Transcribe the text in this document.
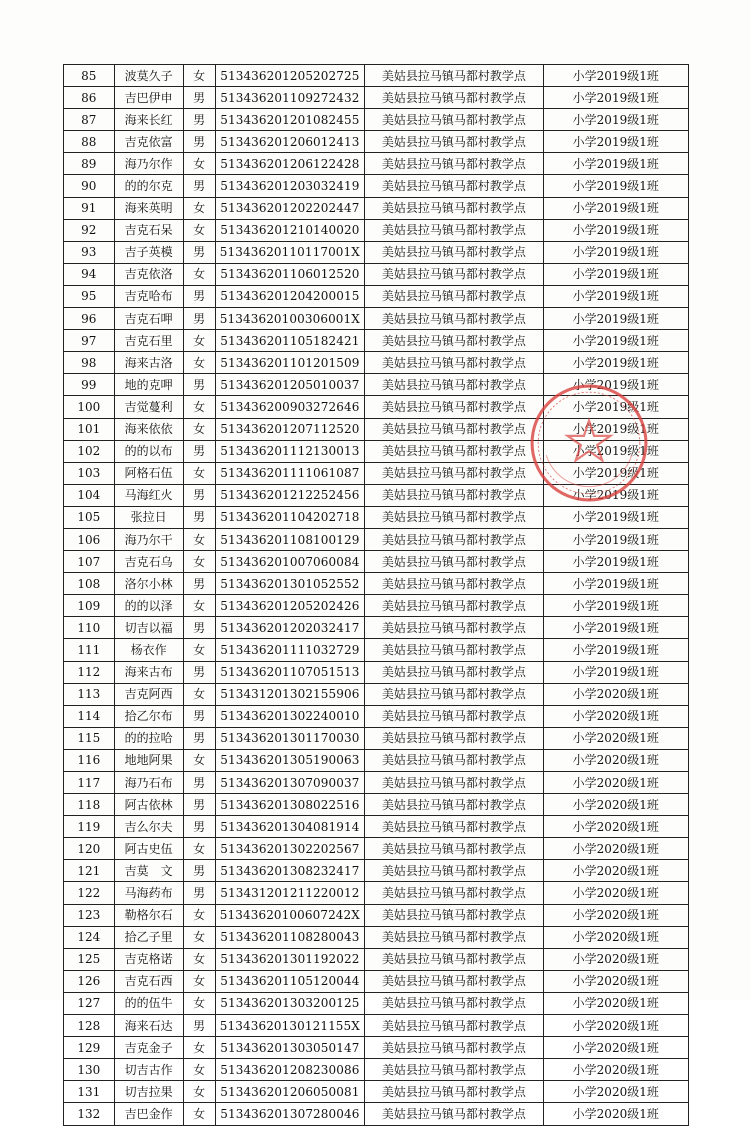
85	波莫久子	女	513436201205202725	美姑县拉马镇马都村教学点	小学2019级1班
86	吉巴伊申	男	513436201109272432	美姑县拉马镇马都村教学点	小学2019级1班
87	海来长红	男	513436201201082455	美姑县拉马镇马都村教学点	小学2019级1班
88	吉克依富	男	513436201206012413	美姑县拉马镇马都村教学点	小学2019级1班
89	海乃尔作	女	513436201206122428	美姑县拉马镇马都村教学点	小学2019级1班
90	的的尔克	男	513436201203032419	美姑县拉马镇马都村教学点	小学2019级1班
91	海来英明	女	513436201202202447	美姑县拉马镇马都村教学点	小学2019级1班
92	吉克石呆	女	513436201210140020	美姑县拉马镇马都村教学点	小学2019级1班
93	吉子英模	男	51343620110117001X	美姑县拉马镇马都村教学点	小学2019级1班
94	吉克依洛	女	513436201106012520	美姑县拉马镇马都村教学点	小学2019级1班
95	吉克哈布	男	513436201204200015	美姑县拉马镇马都村教学点	小学2019级1班
96	吉克石呷	男	51343620100306001X	美姑县拉马镇马都村教学点	小学2019级1班
97	吉克石里	女	513436201105182421	美姑县拉马镇马都村教学点	小学2019级1班
98	海来古洛	女	513436201101201509	美姑县拉马镇马都村教学点	小学2019级1班
99	地的克呷	男	513436201205010037	美姑县拉马镇马都村教学点	小学2019级1班
100	吉觉蔓利	女	513436200903272646	美姑县拉马镇马都村教学点	小学2019级1班
101	海来依依	女	513436201207112520	美姑县拉马镇马都村教学点	小学2019级1班
102	的的以布	男	513436201112130013	美姑县拉马镇马都村教学点	小学2019级1班
103	阿格石伍	女	513436201111061087	美姑县拉马镇马都村教学点	小学2019级1班
104	马海红火	男	513436201212252456	美姑县拉马镇马都村教学点	小学2019级1班
105	张拉日	男	513436201104202718	美姑县拉马镇马都村教学点	小学2019级1班
106	海乃尔干	女	513436201108100129	美姑县拉马镇马都村教学点	小学2019级1班
107	吉克石乌	女	513436201007060084	美姑县拉马镇马都村教学点	小学2019级1班
108	洛尔小林	男	513436201301052552	美姑县拉马镇马都村教学点	小学2019级1班
109	的的以泽	女	513436201205202426	美姑县拉马镇马都村教学点	小学2019级1班
110	切吉以福	男	513436201202032417	美姑县拉马镇马都村教学点	小学2019级1班
111	杨衣作	女	513436201111032729	美姑县拉马镇马都村教学点	小学2019级1班
112	海来古布	男	513436201107051513	美姑县拉马镇马都村教学点	小学2019级1班
113	吉克阿西	女	513431201302155906	美姑县拉马镇马都村教学点	小学2020级1班
114	拾乙尔布	男	513436201302240010	美姑县拉马镇马都村教学点	小学2020级1班
115	的的拉哈	男	513436201301170030	美姑县拉马镇马都村教学点	小学2020级1班
116	地地阿果	女	513436201305190063	美姑县拉马镇马都村教学点	小学2020级1班
117	海乃石布	男	513436201307090037	美姑县拉马镇马都村教学点	小学2020级1班
118	阿古依林	男	513436201308022516	美姑县拉马镇马都村教学点	小学2020级1班
119	吉么尔夫	男	513436201304081914	美姑县拉马镇马都村教学点	小学2020级1班
120	阿古史伍	女	513436201302202567	美姑县拉马镇马都村教学点	小学2020级1班
121	吉莫　文	男	513436201308232417	美姑县拉马镇马都村教学点	小学2020级1班
122	马海药布	男	513431201211220012	美姑县拉马镇马都村教学点	小学2020级1班
123	勒格尔石	女	51343620100607242X	美姑县拉马镇马都村教学点	小学2020级1班
124	拾乙子里	女	513436201108280043	美姑县拉马镇马都村教学点	小学2020级1班
125	吉克格诺	女	513436201301192022	美姑县拉马镇马都村教学点	小学2020级1班
126	吉克石西	女	513436201105120044	美姑县拉马镇马都村教学点	小学2020级1班
127	的的伍牛	女	513436201303200125	美姑县拉马镇马都村教学点	小学2020级1班
128	海来石达	男	51343620130121155X	美姑县拉马镇马都村教学点	小学2020级1班
129	吉克金子	女	513436201303050147	美姑县拉马镇马都村教学点	小学2020级1班
130	切吉古作	女	513436201208230086	美姑县拉马镇马都村教学点	小学2020级1班
131	切吉拉果	女	513436201206050081	美姑县拉马镇马都村教学点	小学2020级1班
132	吉巴金作	女	513436201307280046	美姑县拉马镇马都村教学点	小学2020级1班
